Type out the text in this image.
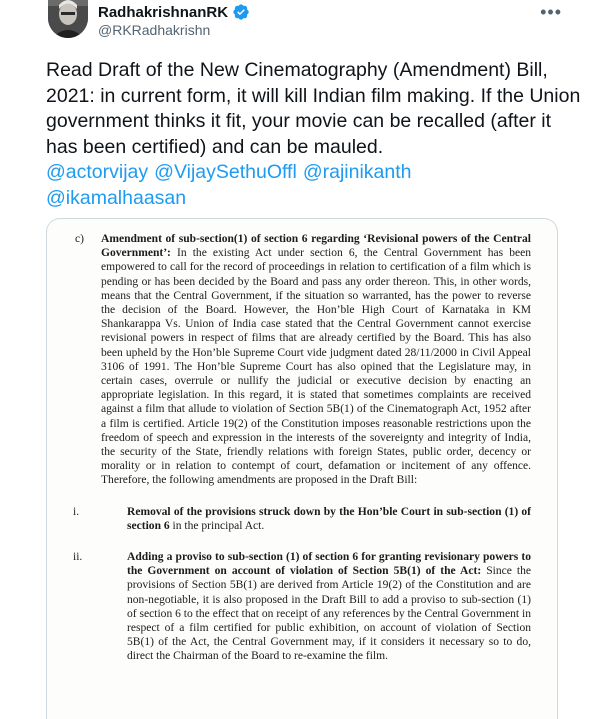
RadhakrishnanRK
@RKRadhakrishn
•••

Read Draft of the New Cinematography (Amendment) Bill, 2021: in current form, it will kill Indian film making. If the Union government thinks it fit, your movie can be recalled (after it has been certified) and can be mauled.

@actorvijay @VijaySethuOffl @rajinikanth
@ikamalhaasan

c) Amendment of sub-section(1) of section 6 regarding ‘Revisional powers of the Central Government’: In the existing Act under section 6, the Central Government has been empowered to call for the record of proceedings in relation to certification of a film which is pending or has been decided by the Board and pass any order thereon. This, in other words, means that the Central Government, if the situation so warranted, has the power to reverse the decision of the Board. However, the Hon’ble High Court of Karnataka in KM Shankarappa Vs. Union of India case stated that the Central Government cannot exercise revisional powers in respect of films that are already certified by the Board. This has also been upheld by the Hon’ble Supreme Court vide judgment dated 28/11/2000 in Civil Appeal 3106 of 1991. The Hon’ble Supreme Court has also opined that the Legislature may, in certain cases, overrule or nullify the judicial or executive decision by enacting an appropriate legislation. In this regard, it is stated that sometimes complaints are received against a film that allude to violation of Section 5B(1) of the Cinematograph Act, 1952 after a film is certified. Article 19(2) of the Constitution imposes reasonable restrictions upon the freedom of speech and expression in the interests of the sovereignty and integrity of India, the security of the State, friendly relations with foreign States, public order, decency or morality or in relation to contempt of court, defamation or incitement of any offence. Therefore, the following amendments are proposed in the Draft Bill:

i.	Removal of the provisions struck down by the Hon’ble Court in sub-section (1) of section 6 in the principal Act.

ii.	Adding a proviso to sub-section (1) of section 6 for granting revisionary powers to the Government on account of violation of Section 5B(1) of the Act: Since the provisions of Section 5B(1) are derived from Article 19(2) of the Constitution and are non-negotiable, it is also proposed in the Draft Bill to add a proviso to sub-section (1) of section 6 to the effect that on receipt of any references by the Central Government in respect of a film certified for public exhibition, on account of violation of Section 5B(1) of the Act, the Central Government may, if it considers it necessary so to do, direct the Chairman of the Board to re-examine the film.
